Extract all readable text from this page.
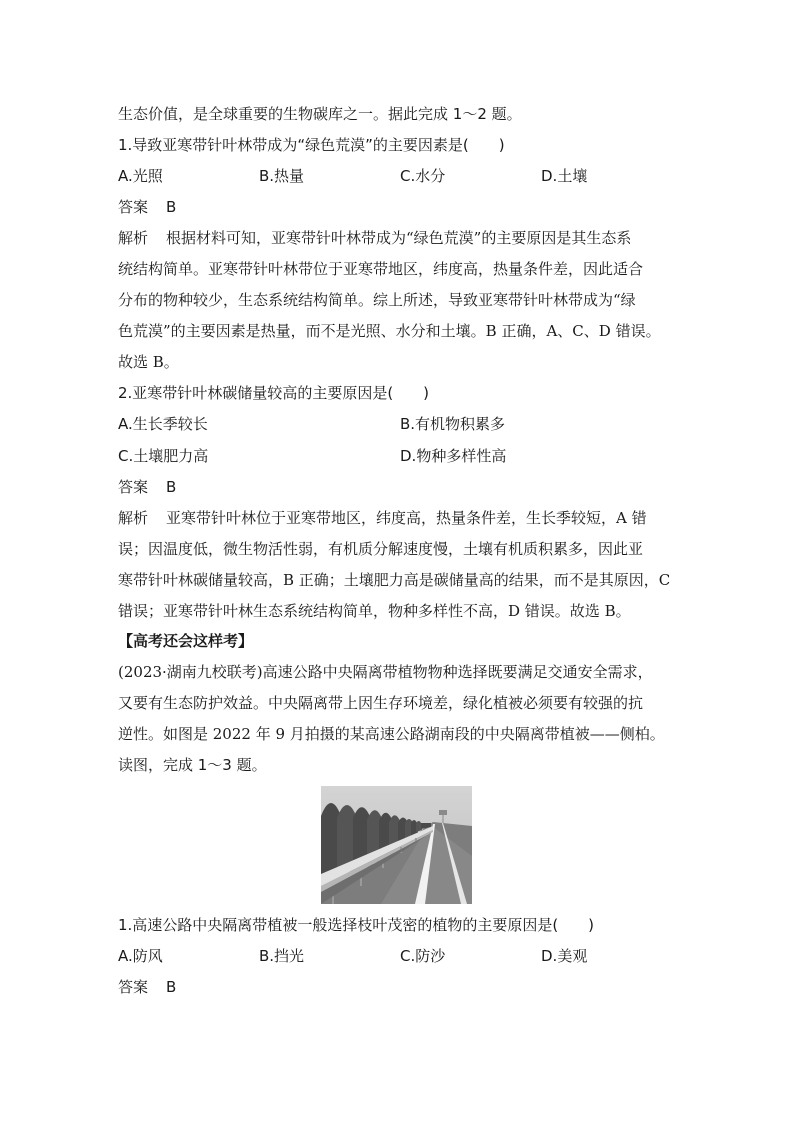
生态价值，是全球重要的生物碳库之一。据此完成 1～2 题。
1.导致亚寒带针叶林带成为“绿色荒漠”的主要因素是(　　)
A.光照	B.热量	C.水分	D.土壤
答案 B
解析 根据材料可知，亚寒带针叶林带成为“绿色荒漠”的主要原因是其生态系
统结构简单。亚寒带针叶林带位于亚寒带地区，纬度高，热量条件差，因此适合
分布的物种较少，生态系统结构简单。综上所述，导致亚寒带针叶林带成为“绿
色荒漠”的主要因素是热量，而不是光照、水分和土壤。B 正确，A、C、D 错误。
故选 B。
2.亚寒带针叶林碳储量较高的主要原因是(　　)
A.生长季较长	B.有机物积累多
C.土壤肥力高	D.物种多样性高
答案 B
解析 亚寒带针叶林位于亚寒带地区，纬度高，热量条件差，生长季较短，A 错
误；因温度低，微生物活性弱，有机质分解速度慢，土壤有机质积累多，因此亚
寒带针叶林碳储量较高，B 正确；土壤肥力高是碳储量高的结果，而不是其原因，C
错误；亚寒带针叶林生态系统结构简单，物种多样性不高，D 错误。故选 B。
【高考还会这样考】
(2023·湖南九校联考)高速公路中央隔离带植物物种选择既要满足交通安全需求，
又要有生态防护效益。中央隔离带上因生存环境差，绿化植被必须要有较强的抗
逆性。如图是 2022 年 9 月拍摄的某高速公路湖南段的中央隔离带植被——侧柏。
读图，完成 1～3 题。
1.高速公路中央隔离带植被一般选择枝叶茂密的植物的主要原因是(　　)
A.防风	B.挡光	C.防沙	D.美观
答案 B
